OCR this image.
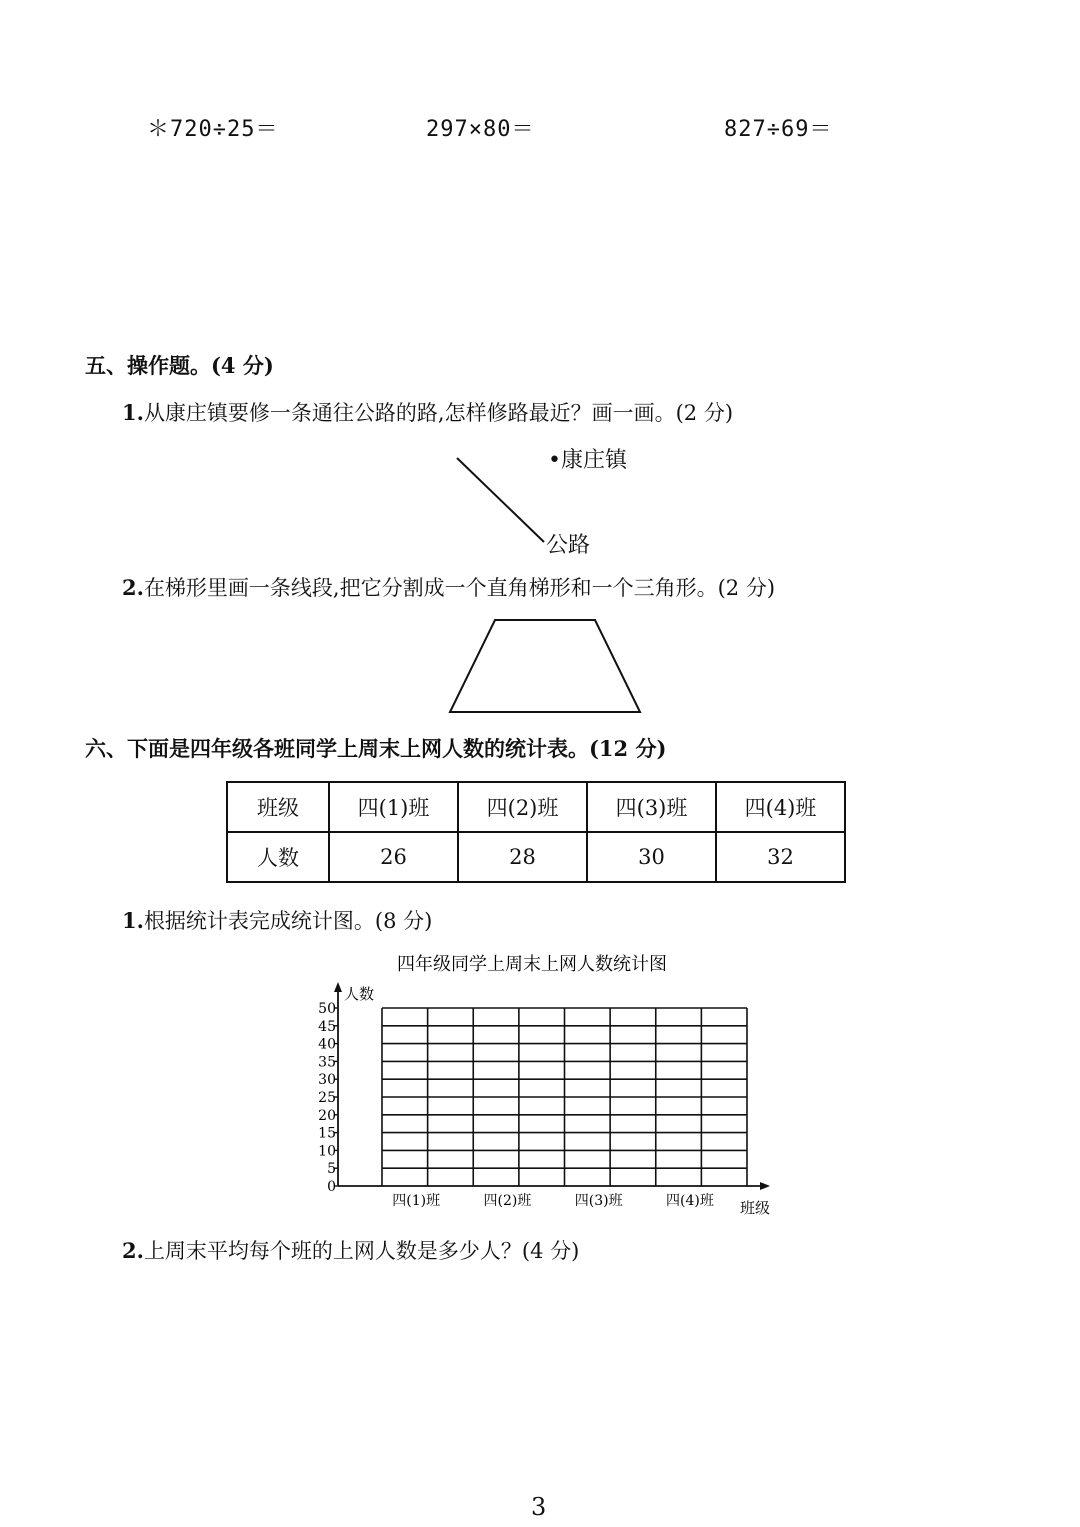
＊720÷25＝	297×80＝	827÷69＝
五、操作题。(4 分)
1.从康庄镇要修一条通往公路的路,怎样修路最近？画一画。(2 分)
•康庄镇
公路
2.在梯形里画一条线段,把它分割成一个直角梯形和一个三角形。(2 分)
六、下面是四年级各班同学上周末上网人数的统计表。(12 分)
班级	四(1)班	四(2)班	四(3)班	四(4)班
人数	26	28	30	32
1.根据统计表完成统计图。(8 分)
四年级同学上周末上网人数统计图
人数
班级
0
5
10
15
20
25
30
35
40
45
50
四(1)班	四(2)班	四(3)班	四(4)班
2.上周末平均每个班的上网人数是多少人？(4 分)
3
